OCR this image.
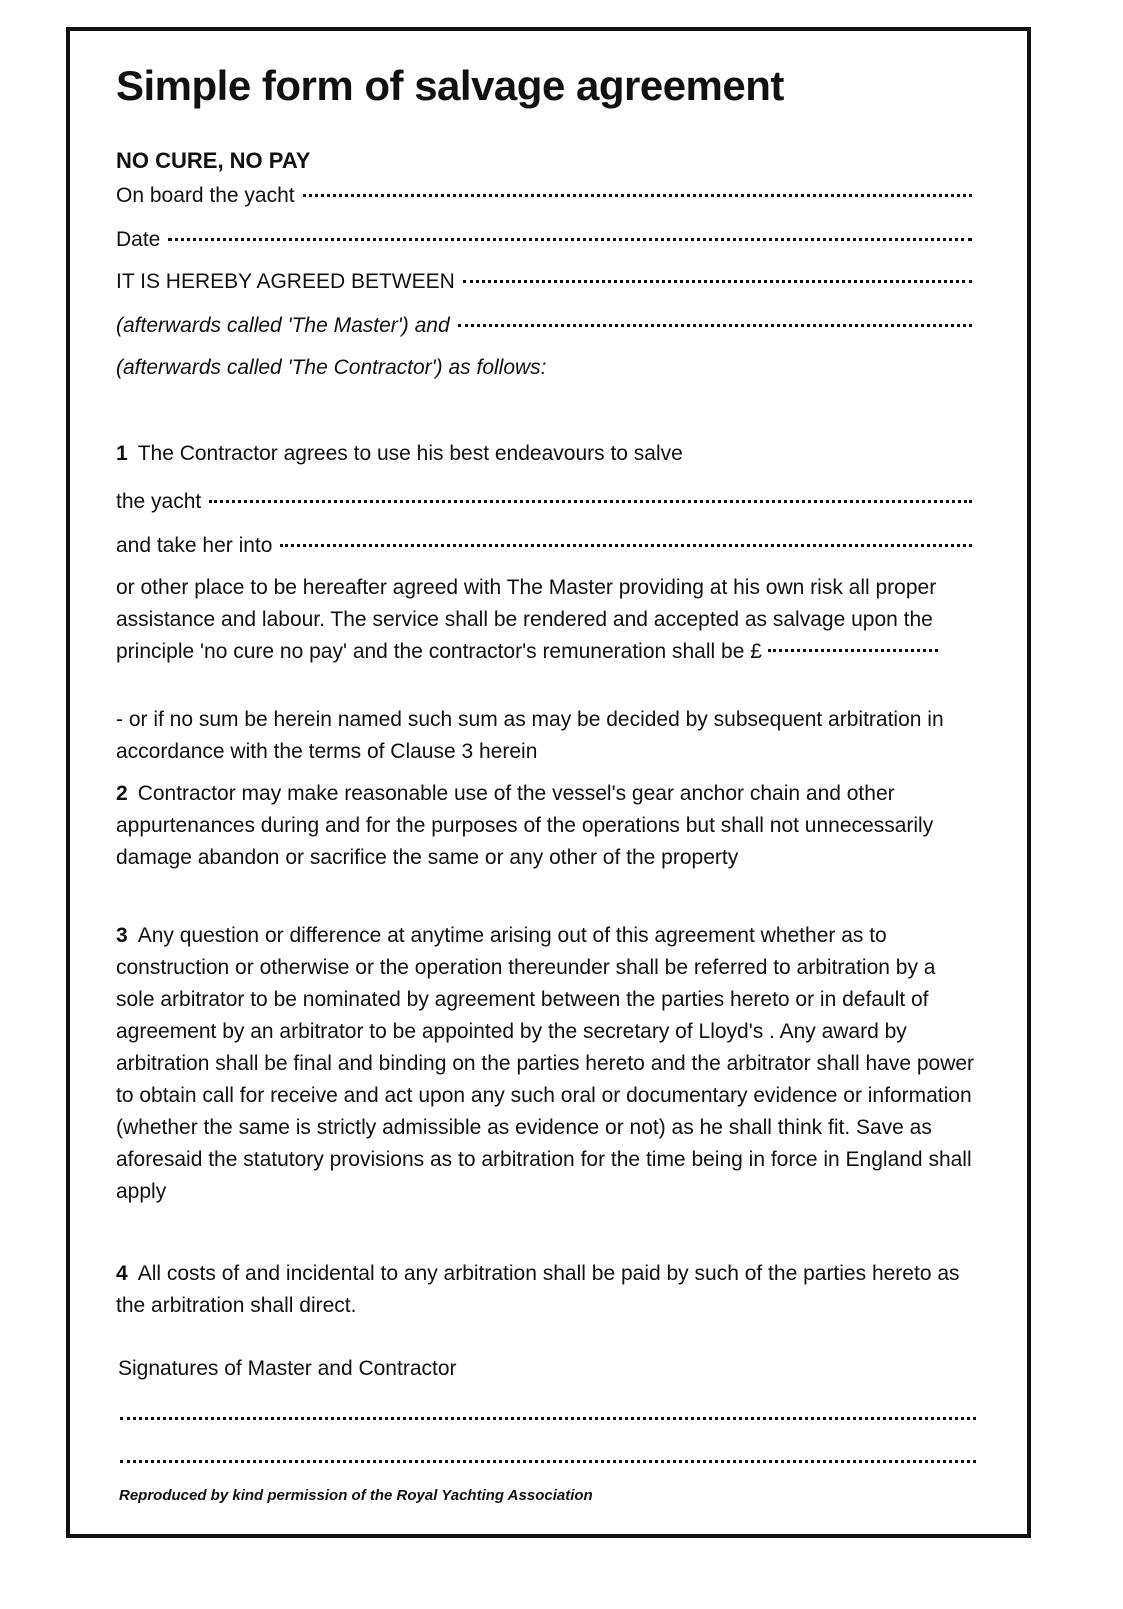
Simple form of salvage agreement
NO CURE, NO PAY
On board the yacht
Date
IT IS HEREBY AGREED BETWEEN
(afterwards called 'The Master') and
(afterwards called 'The Contractor') as follows:
1 The Contractor agrees to use his best endeavours to salve
the yacht
and take her into
or other place to be hereafter agreed with The Master providing at his own risk all proper assistance and labour. The service shall be rendered and accepted as salvage upon the principle 'no cure no pay' and the contractor's remuneration shall be £
- or if no sum be herein named such sum as may be decided by subsequent arbitration in accordance with the terms of Clause 3 herein
2 Contractor may make reasonable use of the vessel's gear anchor chain and other appurtenances during and for the purposes of the operations but shall not unnecessarily damage abandon or sacrifice the same or any other of the property
3 Any question or difference at anytime arising out of this agreement whether as to construction or otherwise or the operation thereunder shall be referred to arbitration by a sole arbitrator to be nominated by agreement between the parties hereto or in default of agreement by an arbitrator to be appointed by the secretary of Lloyd's . Any award by arbitration shall be final and binding on the parties hereto and the arbitrator shall have power to obtain call for receive and act upon any such oral or documentary evidence or information (whether the same is strictly admissible as evidence or not) as he shall think fit. Save as aforesaid the statutory provisions as to arbitration for the time being in force in England shall apply
4 All costs of and incidental to any arbitration shall be paid by such of the parties hereto as the arbitration shall direct.
Signatures of Master and Contractor
Reproduced by kind permission of the Royal Yachting Association
